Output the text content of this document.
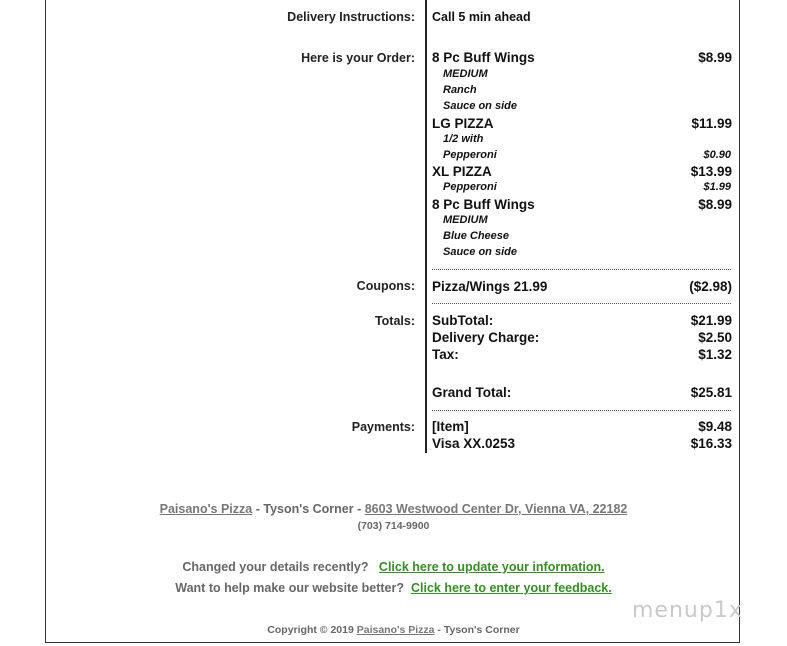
Delivery Instructions: Call 5 min ahead
Here is your Order: 8 Pc Buff Wings	$8.99
MEDIUM
Ranch
Sauce on side
LG PIZZA	$11.99
1/2 with
Pepperoni	$0.90
XL PIZZA	$13.99
Pepperoni	$1.99
8 Pc Buff Wings	$8.99
MEDIUM
Blue Cheese
Sauce on side
Coupons: Pizza/Wings 21.99	($2.98)
Totals: SubTotal:	$21.99
Delivery Charge:	$2.50
Tax:	$1.32
Grand Total:	$25.81
Payments: [Item]	$9.48
Visa XX.0253	$16.33
Paisano's Pizza - Tyson's Corner - 8603 Westwood Center Dr, Vienna VA, 22182
(703) 714-9900
Changed your details recently? Click here to update your information.
Want to help make our website better? Click here to enter your feedback.
Copyright © 2019 Paisano's Pizza - Tyson's Corner
menup1x
